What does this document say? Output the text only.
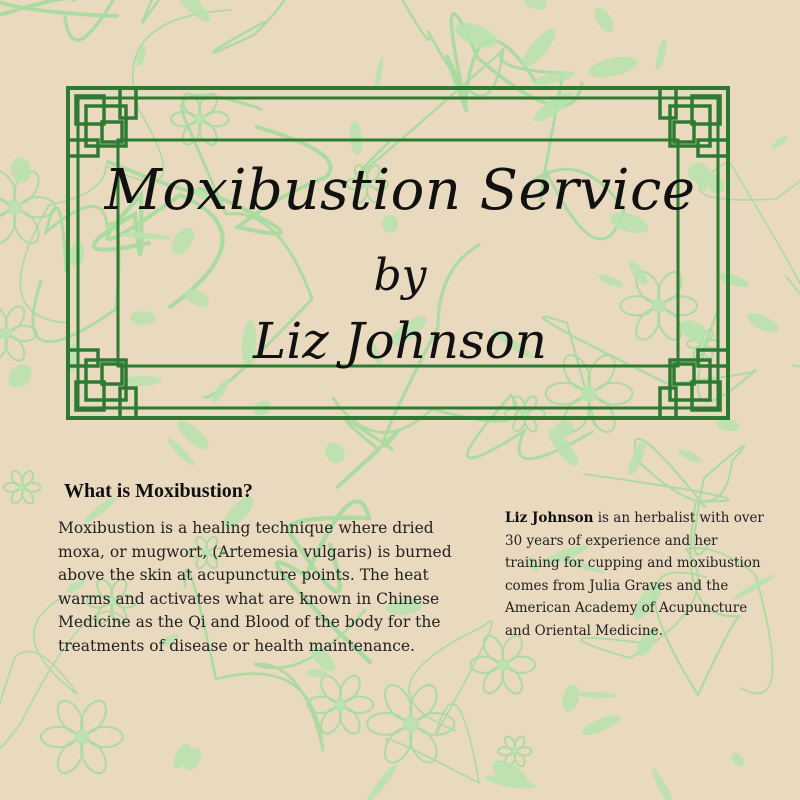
Moxibustion Service
by
Liz Johnson
What is Moxibustion?
Moxibustion is a healing technique where dried moxa, or mugwort, (Artemesia vulgaris) is burned above the skin at acupuncture points. The heat warms and activates what are known in Chinese Medicine as the Qi and Blood of the body for the treatments of disease or health maintenance.
Liz Johnson is an herbalist with over 30 years of experience and her training for cupping and moxibustion comes from Julia Graves and the American Academy of Acupuncture and Oriental Medicine.
